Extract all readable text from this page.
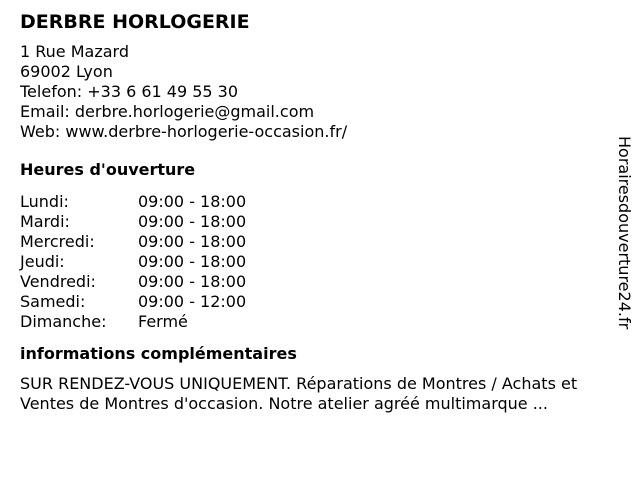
DERBRE HORLOGERIE
1 Rue Mazard
69002 Lyon
Telefon: +33 6 61 49 55 30
Email: derbre.horlogerie@gmail.com
Web: www.derbre-horlogerie-occasion.fr/
Heures d'ouverture
Lundi:	09:00 - 18:00
Mardi:	09:00 - 18:00
Mercredi:	09:00 - 18:00
Jeudi:	09:00 - 18:00
Vendredi:	09:00 - 18:00
Samedi:	09:00 - 12:00
Dimanche:	Fermé
informations complémentaires
SUR RENDEZ-VOUS UNIQUEMENT. Réparations de Montres / Achats et Ventes de Montres d'occasion. Notre atelier agréé multimarque ...
Horairesdouverture24.fr
